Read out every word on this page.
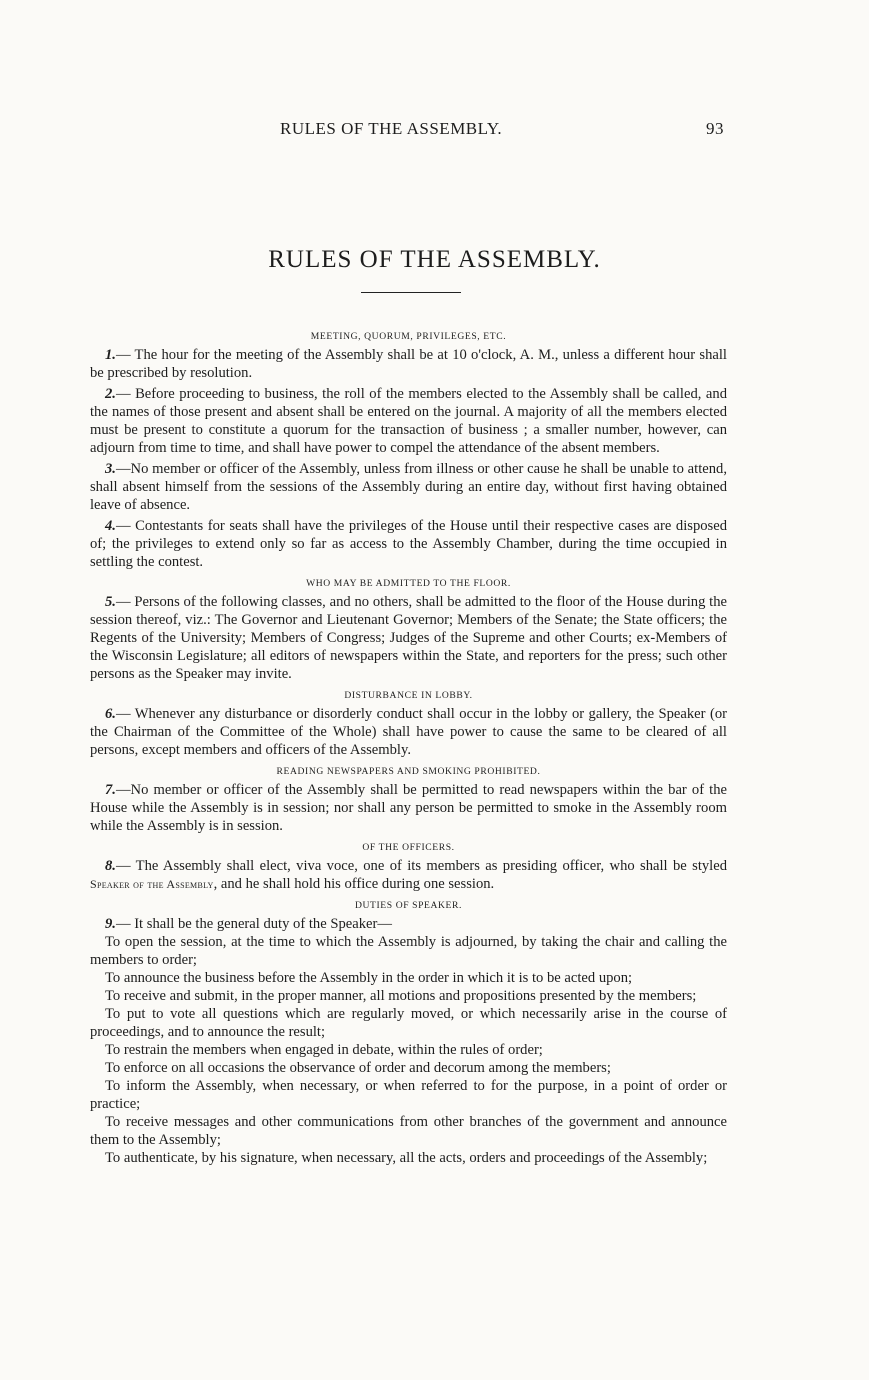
RULES OF THE ASSEMBLY.	93
RULES OF THE ASSEMBLY.
MEETING, QUORUM, PRIVILEGES, ETC.

1.— The hour for the meeting of the Assembly shall be at 10 o'clock, A. M., unless a different hour shall be prescribed by resolution.

2.— Before proceeding to business, the roll of the members elected to the Assembly shall be called, and the names of those present and absent shall be entered on the journal. A majority of all the members elected must be present to constitute a quorum for the transaction of business ; a smaller number, however, can adjourn from time to time, and shall have power to compel the attendance of the absent members.

3.—No member or officer of the Assembly, unless from illness or other cause he shall be unable to attend, shall absent himself from the sessions of the Assembly during an entire day, without first having obtained leave of absence.

4.— Contestants for seats shall have the privileges of the House until their respective cases are disposed of; the privileges to extend only so far as access to the Assembly Chamber, during the time occupied in settling the contest.

WHO MAY BE ADMITTED TO THE FLOOR.

5.— Persons of the following classes, and no others, shall be admitted to the floor of the House during the session thereof, viz.: The Governor and Lieutenant Governor; Members of the Senate; the State officers; the Regents of the University; Members of Congress; Judges of the Supreme and other Courts; ex-Members of the Wisconsin Legislature; all editors of newspapers within the State, and reporters for the press; such other persons as the Speaker may invite.

DISTURBANCE IN LOBBY.

6.— Whenever any disturbance or disorderly conduct shall occur in the lobby or gallery, the Speaker (or the Chairman of the Committee of the Whole) shall have power to cause the same to be cleared of all persons, except members and officers of the Assembly.

READING NEWSPAPERS AND SMOKING PROHIBITED.

7.—No member or officer of the Assembly shall be permitted to read newspapers within the bar of the House while the Assembly is in session; nor shall any person be permitted to smoke in the Assembly room while the Assembly is in session.

OF THE OFFICERS.

8.— The Assembly shall elect, viva voce, one of its members as presiding officer, who shall be styled Speaker of the Assembly, and he shall hold his office during one session.

DUTIES OF SPEAKER.

9.— It shall be the general duty of the Speaker—

To open the session, at the time to which the Assembly is adjourned, by taking the chair and calling the members to order;

To announce the business before the Assembly in the order in which it is to be acted upon;

To receive and submit, in the proper manner, all motions and propositions presented by the members;

To put to vote all questions which are regularly moved, or which necessarily arise in the course of proceedings, and to announce the result;

To restrain the members when engaged in debate, within the rules of order;

To enforce on all occasions the observance of order and decorum among the members;

To inform the Assembly, when necessary, or when referred to for the purpose, in a point of order or practice;

To receive messages and other communications from other branches of the government and announce them to the Assembly;

To authenticate, by his signature, when necessary, all the acts, orders and proceedings of the Assembly;
